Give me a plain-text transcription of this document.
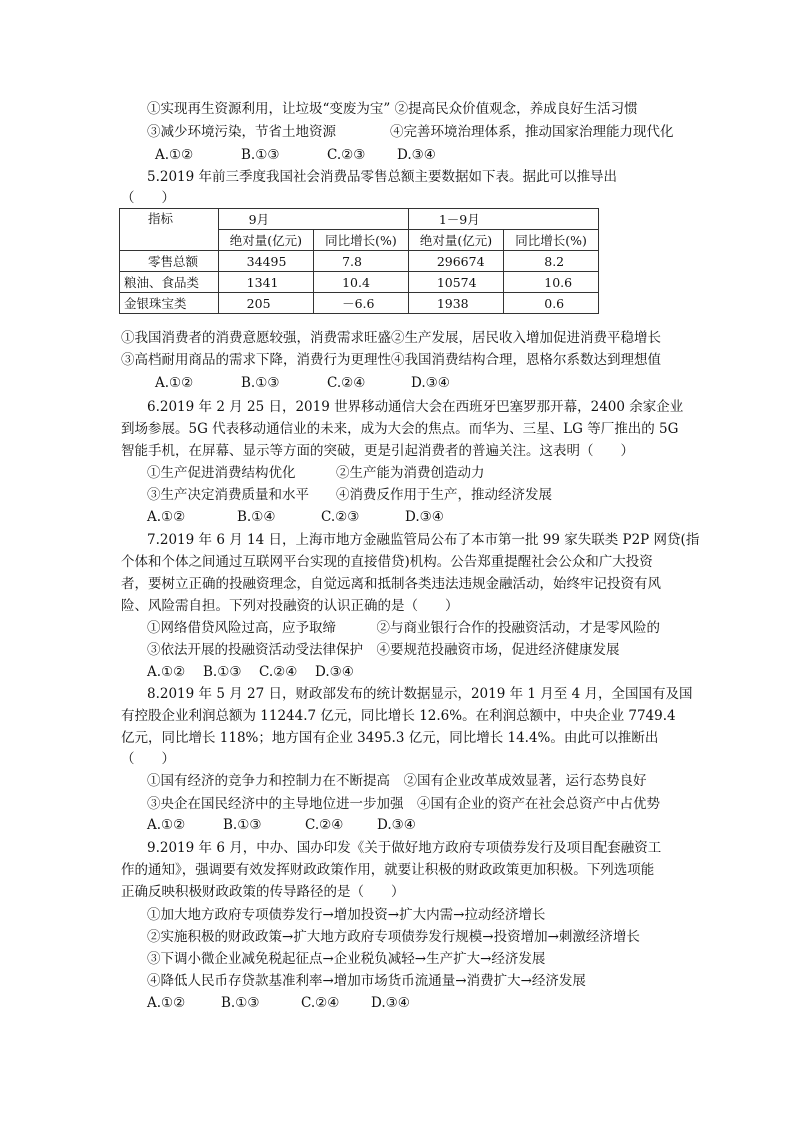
①实现再生资源利用，让垃圾“变废为宝” ②提高民众价值观念，养成良好生活习惯
③减少环境污染，节省土地资源　　　　④完善环境治理体系，推动国家治理能力现代化
A.①②	B.①③	C.②③ D.③④
5.2019 年前三季度我国社会消费品零售总额主要数据如下表。据此可以推导出
（　　）
指标	9月		1－9月	
	绝对量(亿元)	同比增长(%)	绝对量(亿元)	同比增长(%)
零售总额	34495	7.8	296674	8.2
粮油、食品类	1341	10.4	10574	10.6
金银珠宝类	205	－6.6	1938	0.6
①我国消费者的消费意愿较强，消费需求旺盛②生产发展，居民收入增加促进消费平稳增长
③高档耐用商品的需求下降，消费行为更理性④我国消费结构合理，恩格尔系数达到理想值
A.①②	B.①③	C.②④	D.③④
6.2019 年 2 月 25 日，2019 世界移动通信大会在西班牙巴塞罗那开幕，2400 余家企业
到场参展。5G 代表移动通信业的未来，成为大会的焦点。而华为、三星、LG 等厂推出的 5G
智能手机，在屏幕、显示等方面的突破，更是引起消费者的普遍关注。这表明（　　）
①生产促进消费结构优化　　　②生产能为消费创造动力
③生产决定消费质量和水平　　④消费反作用于生产，推动经济发展
A.①②	B.①④	C.②③	D.③④
7.2019 年 6 月 14 日，上海市地方金融监管局公布了本市第一批 99 家失联类 P2P 网贷(指
个体和个体之间通过互联网平台实现的直接借贷)机构。公告郑重提醒社会公众和广大投资
者，要树立正确的投融资理念，自觉远离和抵制各类违法违规金融活动，始终牢记投资有风
险、风险需自担。下列对投融资的认识正确的是（　　）
①网络借贷风险过高，应予取缔　　　②与商业银行合作的投融资活动，才是零风险的
③依法开展的投融资活动受法律保护　④要规范投融资市场，促进经济健康发展
A.①② B.①③ C.②④ D.③④
8.2019 年 5 月 27 日，财政部发布的统计数据显示，2019 年 1 月至 4 月，全国国有及国
有控股企业利润总额为 11244.7 亿元，同比增长 12.6%。在利润总额中，中央企业 7749.4
亿元，同比增长 118%；地方国有企业 3495.3 亿元，同比增长 14.4%。由此可以推断出
（　　）
①国有经济的竞争力和控制力在不断提高　②国有企业改革成效显著，运行态势良好
③央企在国民经济中的主导地位进一步加强　④国有企业的资产在社会总资产中占优势
A.①②	B.①③	C.②④ D.③④
9.2019 年 6 月，中办、国办印发《关于做好地方政府专项债券发行及项目配套融资工
作的通知》，强调要有效发挥财政政策作用，就要让积极的财政政策更加积极。下列选项能
正确反映积极财政政策的传导路径的是（　　）
①加大地方政府专项债券发行→增加投资→扩大内需→拉动经济增长
②实施积极的财政政策→扩大地方政府专项债券发行规模→投资增加→刺激经济增长
③下调小微企业减免税起征点→企业税负减轻→生产扩大→经济发展
④降低人民币存贷款基准利率→增加市场货币流通量→消费扩大→经济发展
A.①②	B.①③	C.②④ D.③④
